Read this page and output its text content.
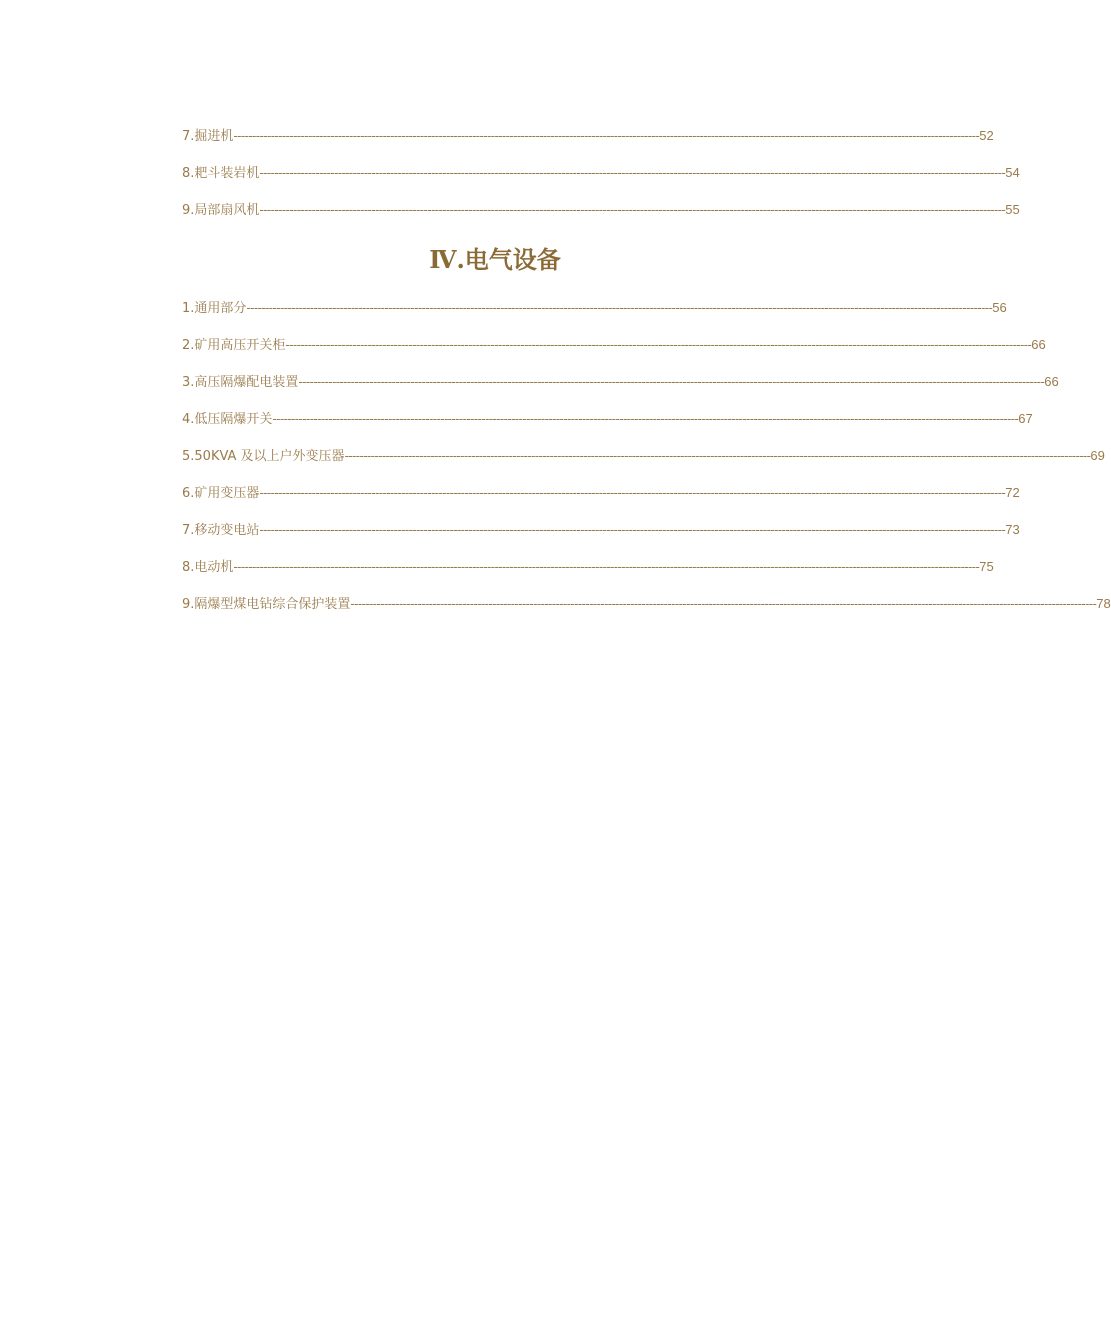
7.掘进机 -------------------------------------------------------------------------------------------------------------------------------------------------------------------------------------------------------- 52
8.耙斗装岩机 -------------------------------------------------------------------------------------------------------------------------------------------------------------------------------------------------------- 54
9.局部扇风机 -------------------------------------------------------------------------------------------------------------------------------------------------------------------------------------------------------- 55
Ⅳ.电气设备
1.通用部分 -------------------------------------------------------------------------------------------------------------------------------------------------------------------------------------------------------- 56
2.矿用高压开关柜 -------------------------------------------------------------------------------------------------------------------------------------------------------------------------------------------------------- 66
3.高压隔爆配电装置 -------------------------------------------------------------------------------------------------------------------------------------------------------------------------------------------------------- 66
4.低压隔爆开关 -------------------------------------------------------------------------------------------------------------------------------------------------------------------------------------------------------- 67
5.50KVA 及以上户外变压器 -------------------------------------------------------------------------------------------------------------------------------------------------------------------------------------------------------- 69
6.矿用变压器 -------------------------------------------------------------------------------------------------------------------------------------------------------------------------------------------------------- 72
7.移动变电站 -------------------------------------------------------------------------------------------------------------------------------------------------------------------------------------------------------- 73
8.电动机 -------------------------------------------------------------------------------------------------------------------------------------------------------------------------------------------------------- 75
9.隔爆型煤电钻综合保护装置 -------------------------------------------------------------------------------------------------------------------------------------------------------------------------------------------------------- 78
